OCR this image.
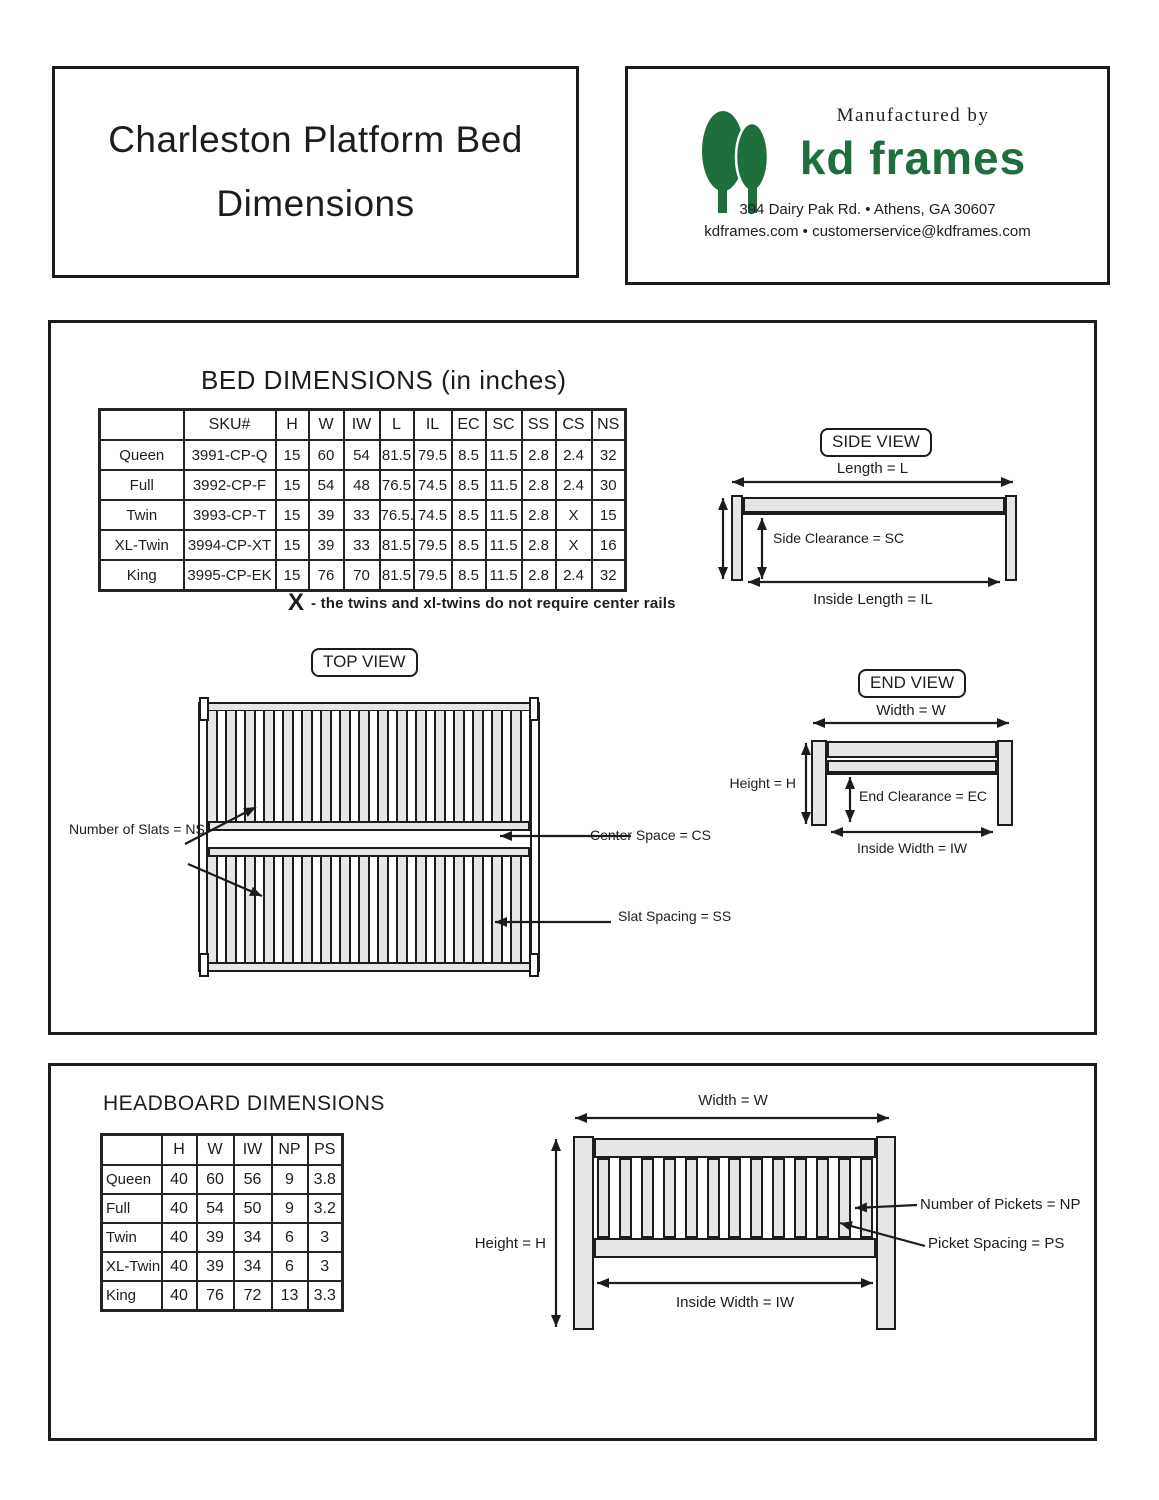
Charleston Platform Bed
Dimensions
Manufactured by
kd frames
394 Dairy Pak Rd. • Athens, GA 30607
kdframes.com • customerservice@kdframes.com
BED DIMENSIONS (in inches)
	SKU#	H	W	IW	L	IL	EC	SC	SS	CS	NS
Queen	3991-CP-Q	15	60	54	81.5	79.5	8.5	11.5	2.8	2.4	32
Full	3992-CP-F	15	54	48	76.5	74.5	8.5	11.5	2.8	2.4	30
Twin	3993-CP-T	15	39	33	76.5.	74.5	8.5	11.5	2.8	X	15
XL-Twin	3994-CP-XT	15	39	33	81.5	79.5	8.5	11.5	2.8	X	16
King	3995-CP-EK	15	76	70	81.5	79.5	8.5	11.5	2.8	2.4	32
X - the twins and xl-twins do not require center rails
SIDE VIEW
Length = L
Side Clearance = SC
Inside Length = IL
TOP VIEW
Number of Slats = NS	Center Space = CS
Slat Spacing = SS
END VIEW
Width = W
Height = H
End Clearance = EC
Inside Width = IW
HEADBOARD DIMENSIONS
	H	W	IW	NP	PS
Queen	40	60	56	9	3.8
Full	40	54	50	9	3.2
Twin	40	39	34	6	3
XL-Twin	40	39	34	6	3
King	40	76	72	13	3.3
Width = W
Height = H
Number of Pickets = NP
Picket Spacing = PS
Inside Width = IW
